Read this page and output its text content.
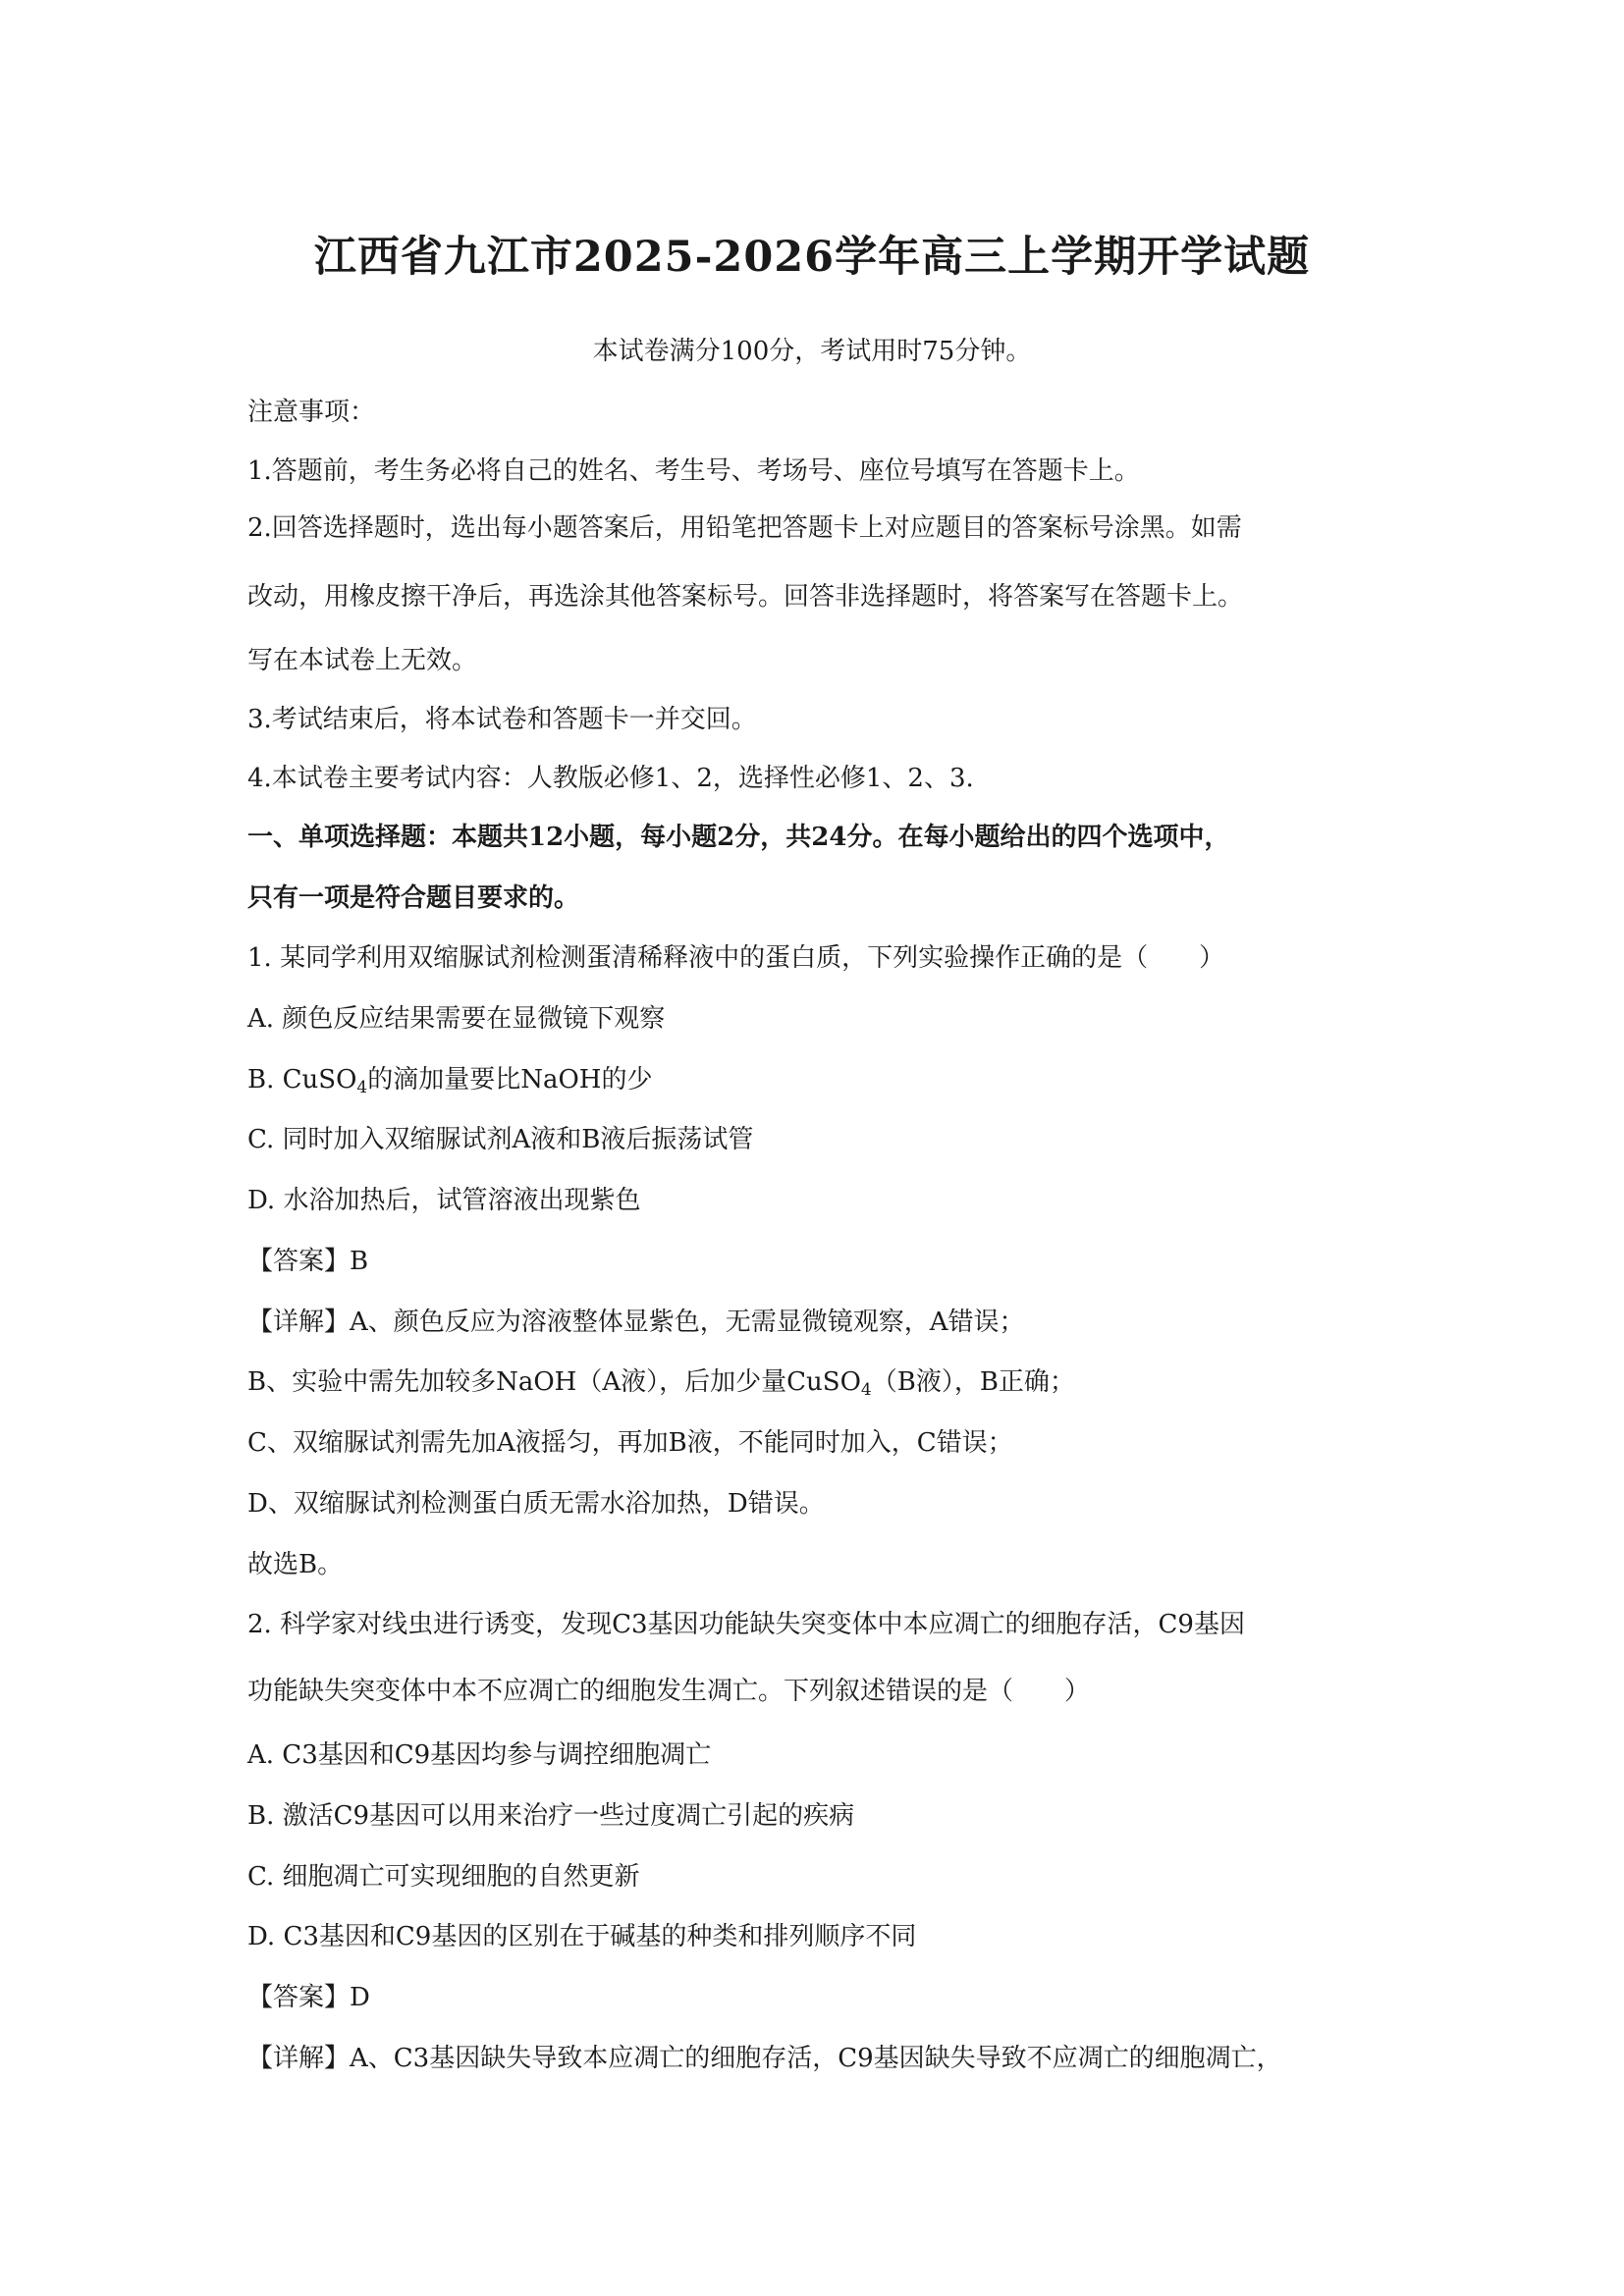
江西省九江市2025-2026学年高三上学期开学试题
本试卷满分100分，考试用时75分钟。
注意事项：
1.答题前，考生务必将自己的姓名、考生号、考场号、座位号填写在答题卡上。
2.回答选择题时，选出每小题答案后，用铅笔把答题卡上对应题目的答案标号涂黑。如需
改动，用橡皮擦干净后，再选涂其他答案标号。回答非选择题时，将答案写在答题卡上。
写在本试卷上无效。
3.考试结束后，将本试卷和答题卡一并交回。
4.本试卷主要考试内容：人教版必修1、2，选择性必修1、2、3.
一、单项选择题：本题共12小题，每小题2分，共24分。在每小题给出的四个选项中，
只有一项是符合题目要求的。
1. 某同学利用双缩脲试剂检测蛋清稀释液中的蛋白质，下列实验操作正确的是（　　）
A. 颜色反应结果需要在显微镜下观察
B. CuSO$_4$的滴加量要比NaOH的少
C. 同时加入双缩脲试剂A液和B液后振荡试管
D. 水浴加热后，试管溶液出现紫色
【答案】B
【详解】A、颜色反应为溶液整体显紫色，无需显微镜观察，A错误；
B、实验中需先加较多NaOH（A液），后加少量CuSO$_4$（B液），B正确；
C、双缩脲试剂需先加A液摇匀，再加B液，不能同时加入，C错误；
D、双缩脲试剂检测蛋白质无需水浴加热，D错误。
故选B。
2. 科学家对线虫进行诱变，发现C3基因功能缺失突变体中本应凋亡的细胞存活，C9基因
功能缺失突变体中本不应凋亡的细胞发生凋亡。下列叙述错误的是（　　）
A. C3基因和C9基因均参与调控细胞凋亡
B. 激活C9基因可以用来治疗一些过度凋亡引起的疾病
C. 细胞凋亡可实现细胞的自然更新
D. C3基因和C9基因的区别在于碱基的种类和排列顺序不同
【答案】D
【详解】A、C3基因缺失导致本应凋亡的细胞存活，C9基因缺失导致不应凋亡的细胞凋亡，
